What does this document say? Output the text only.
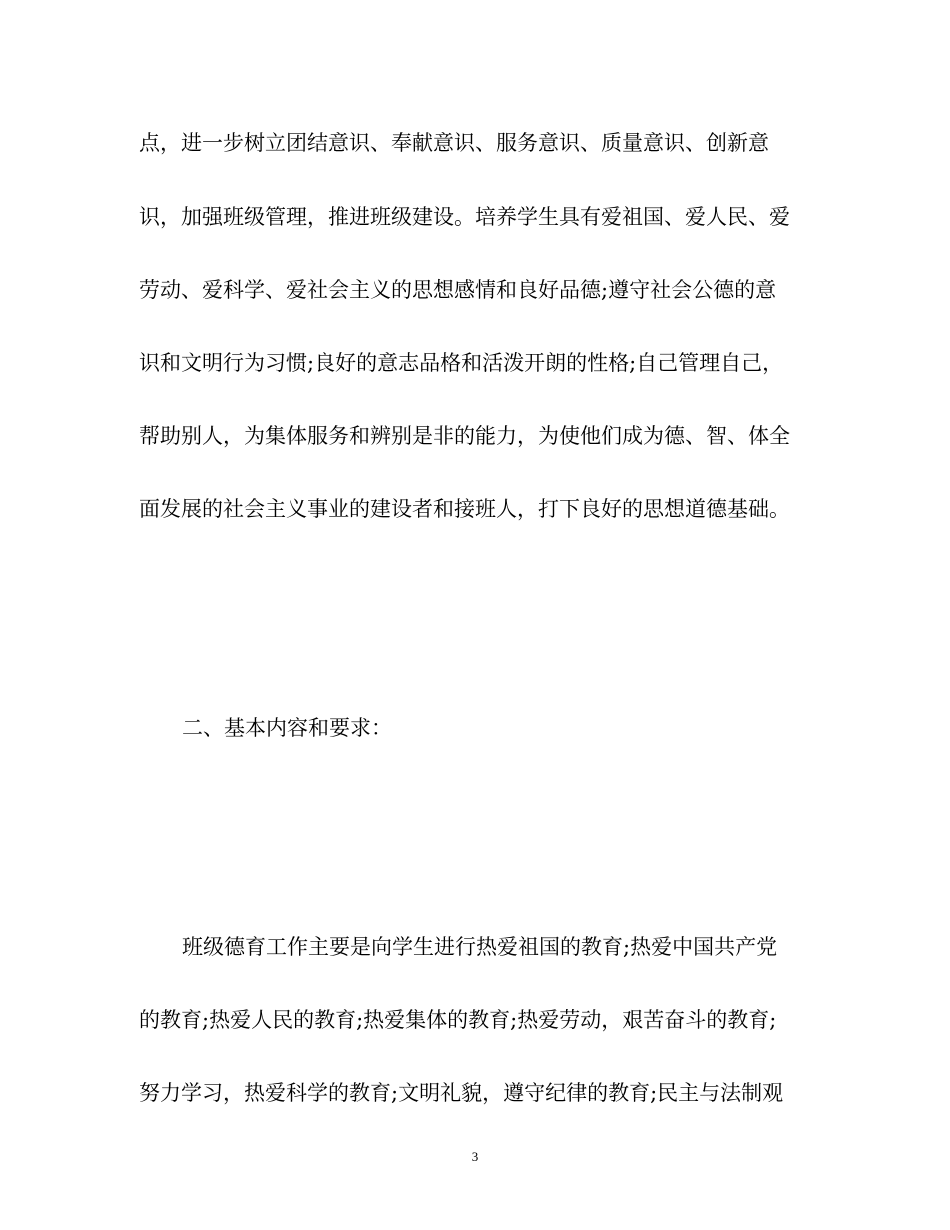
点，进一步树立团结意识、奉献意识、服务意识、质量意识、创新意
识，加强班级管理，推进班级建设。培养学生具有爱祖国、爱人民、爱
劳动、爱科学、爱社会主义的思想感情和良好品德;遵守社会公德的意
识和文明行为习惯;良好的意志品格和活泼开朗的性格;自己管理自己，
帮助别人，为集体服务和辨别是非的能力，为使他们成为德、智、体全
面发展的社会主义事业的建设者和接班人，打下良好的思想道德基础。
二、基本内容和要求：
班级德育工作主要是向学生进行热爱祖国的教育;热爱中国共产党
的教育;热爱人民的教育;热爱集体的教育;热爱劳动，艰苦奋斗的教育;
努力学习，热爱科学的教育;文明礼貌，遵守纪律的教育;民主与法制观
3
